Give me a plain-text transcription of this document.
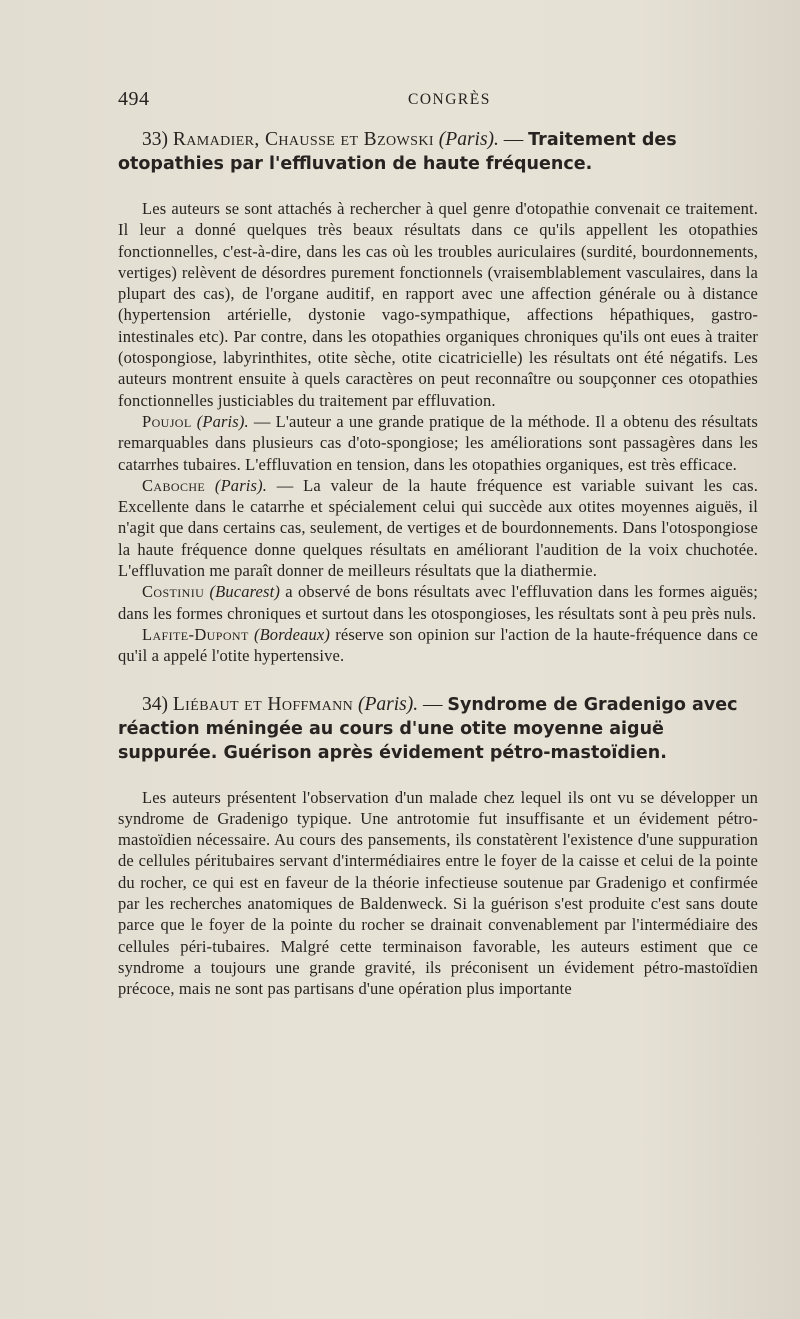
494	CONGRÈS
33) Ramadier, Chausse et Bzowski (Paris). — Traitement des otopathies par l'effluvation de haute fréquence.

Les auteurs se sont attachés à rechercher à quel genre d'otopathie convenait ce traitement. Il leur a donné quelques très beaux résultats dans ce qu'ils appellent les otopathies fonctionnelles, c'est-à-dire, dans les cas où les troubles auriculaires (surdité, bourdonnements, vertiges) relèvent de désordres purement fonctionnels (vraisemblablement vasculaires, dans la plupart des cas), de l'organe auditif, en rapport avec une affection générale ou à distance (hypertension artérielle, dystonie vago-sympathique, affections hépathiques, gastro-intestinales etc). Par contre, dans les otopathies organiques chroniques qu'ils ont eues à traiter (otospongiose, labyrinthites, otite sèche, otite cicatricielle) les résultats ont été négatifs. Les auteurs montrent ensuite à quels caractères on peut reconnaître ou soupçonner ces otopathies fonctionnelles justiciables du traitement par effluvation.

Poujol (Paris). — L'auteur a une grande pratique de la méthode. Il a obtenu des résultats remarquables dans plusieurs cas d'oto-spongiose; les améliorations sont passagères dans les catarrhes tubaires. L'effluvation en tension, dans les otopathies organiques, est très efficace.

Caboche (Paris). — La valeur de la haute fréquence est variable suivant les cas. Excellente dans le catarrhe et spécialement celui qui succède aux otites moyennes aiguës, il n'agit que dans certains cas, seulement, de vertiges et de bourdonnements. Dans l'otospongiose la haute fréquence donne quelques résultats en améliorant l'audition de la voix chuchotée. L'effluvation me paraît donner de meilleurs résultats que la diathermie.

Costiniu (Bucarest) a observé de bons résultats avec l'effluvation dans les formes aiguës; dans les formes chroniques et surtout dans les otospongioses, les résultats sont à peu près nuls.

Lafite-Dupont (Bordeaux) réserve son opinion sur l'action de la haute-fréquence dans ce qu'il a appelé l'otite hypertensive.

34) Liébaut et Hoffmann (Paris). — Syndrome de Gradenigo avec réaction méningée au cours d'une otite moyenne aiguë suppurée. Guérison après évidement pétro-mastoïdien.

Les auteurs présentent l'observation d'un malade chez lequel ils ont vu se développer un syndrome de Gradenigo typique. Une antrotomie fut insuffisante et un évidement pétro-mastoïdien nécessaire. Au cours des pansements, ils constatèrent l'existence d'une suppuration de cellules péritubaires servant d'intermédiaires entre le foyer de la caisse et celui de la pointe du rocher, ce qui est en faveur de la théorie infectieuse soutenue par Gradenigo et confirmée par les recherches anatomiques de Baldenweck. Si la guérison s'est produite c'est sans doute parce que le foyer de la pointe du rocher se drainait convenablement par l'intermédiaire des cellules péri-tubaires. Malgré cette terminaison favorable, les auteurs estiment que ce syndrome a toujours une grande gravité, ils préconisent un évidement pétro-mastoïdien précoce, mais ne sont pas partisans d'une opération plus importante
